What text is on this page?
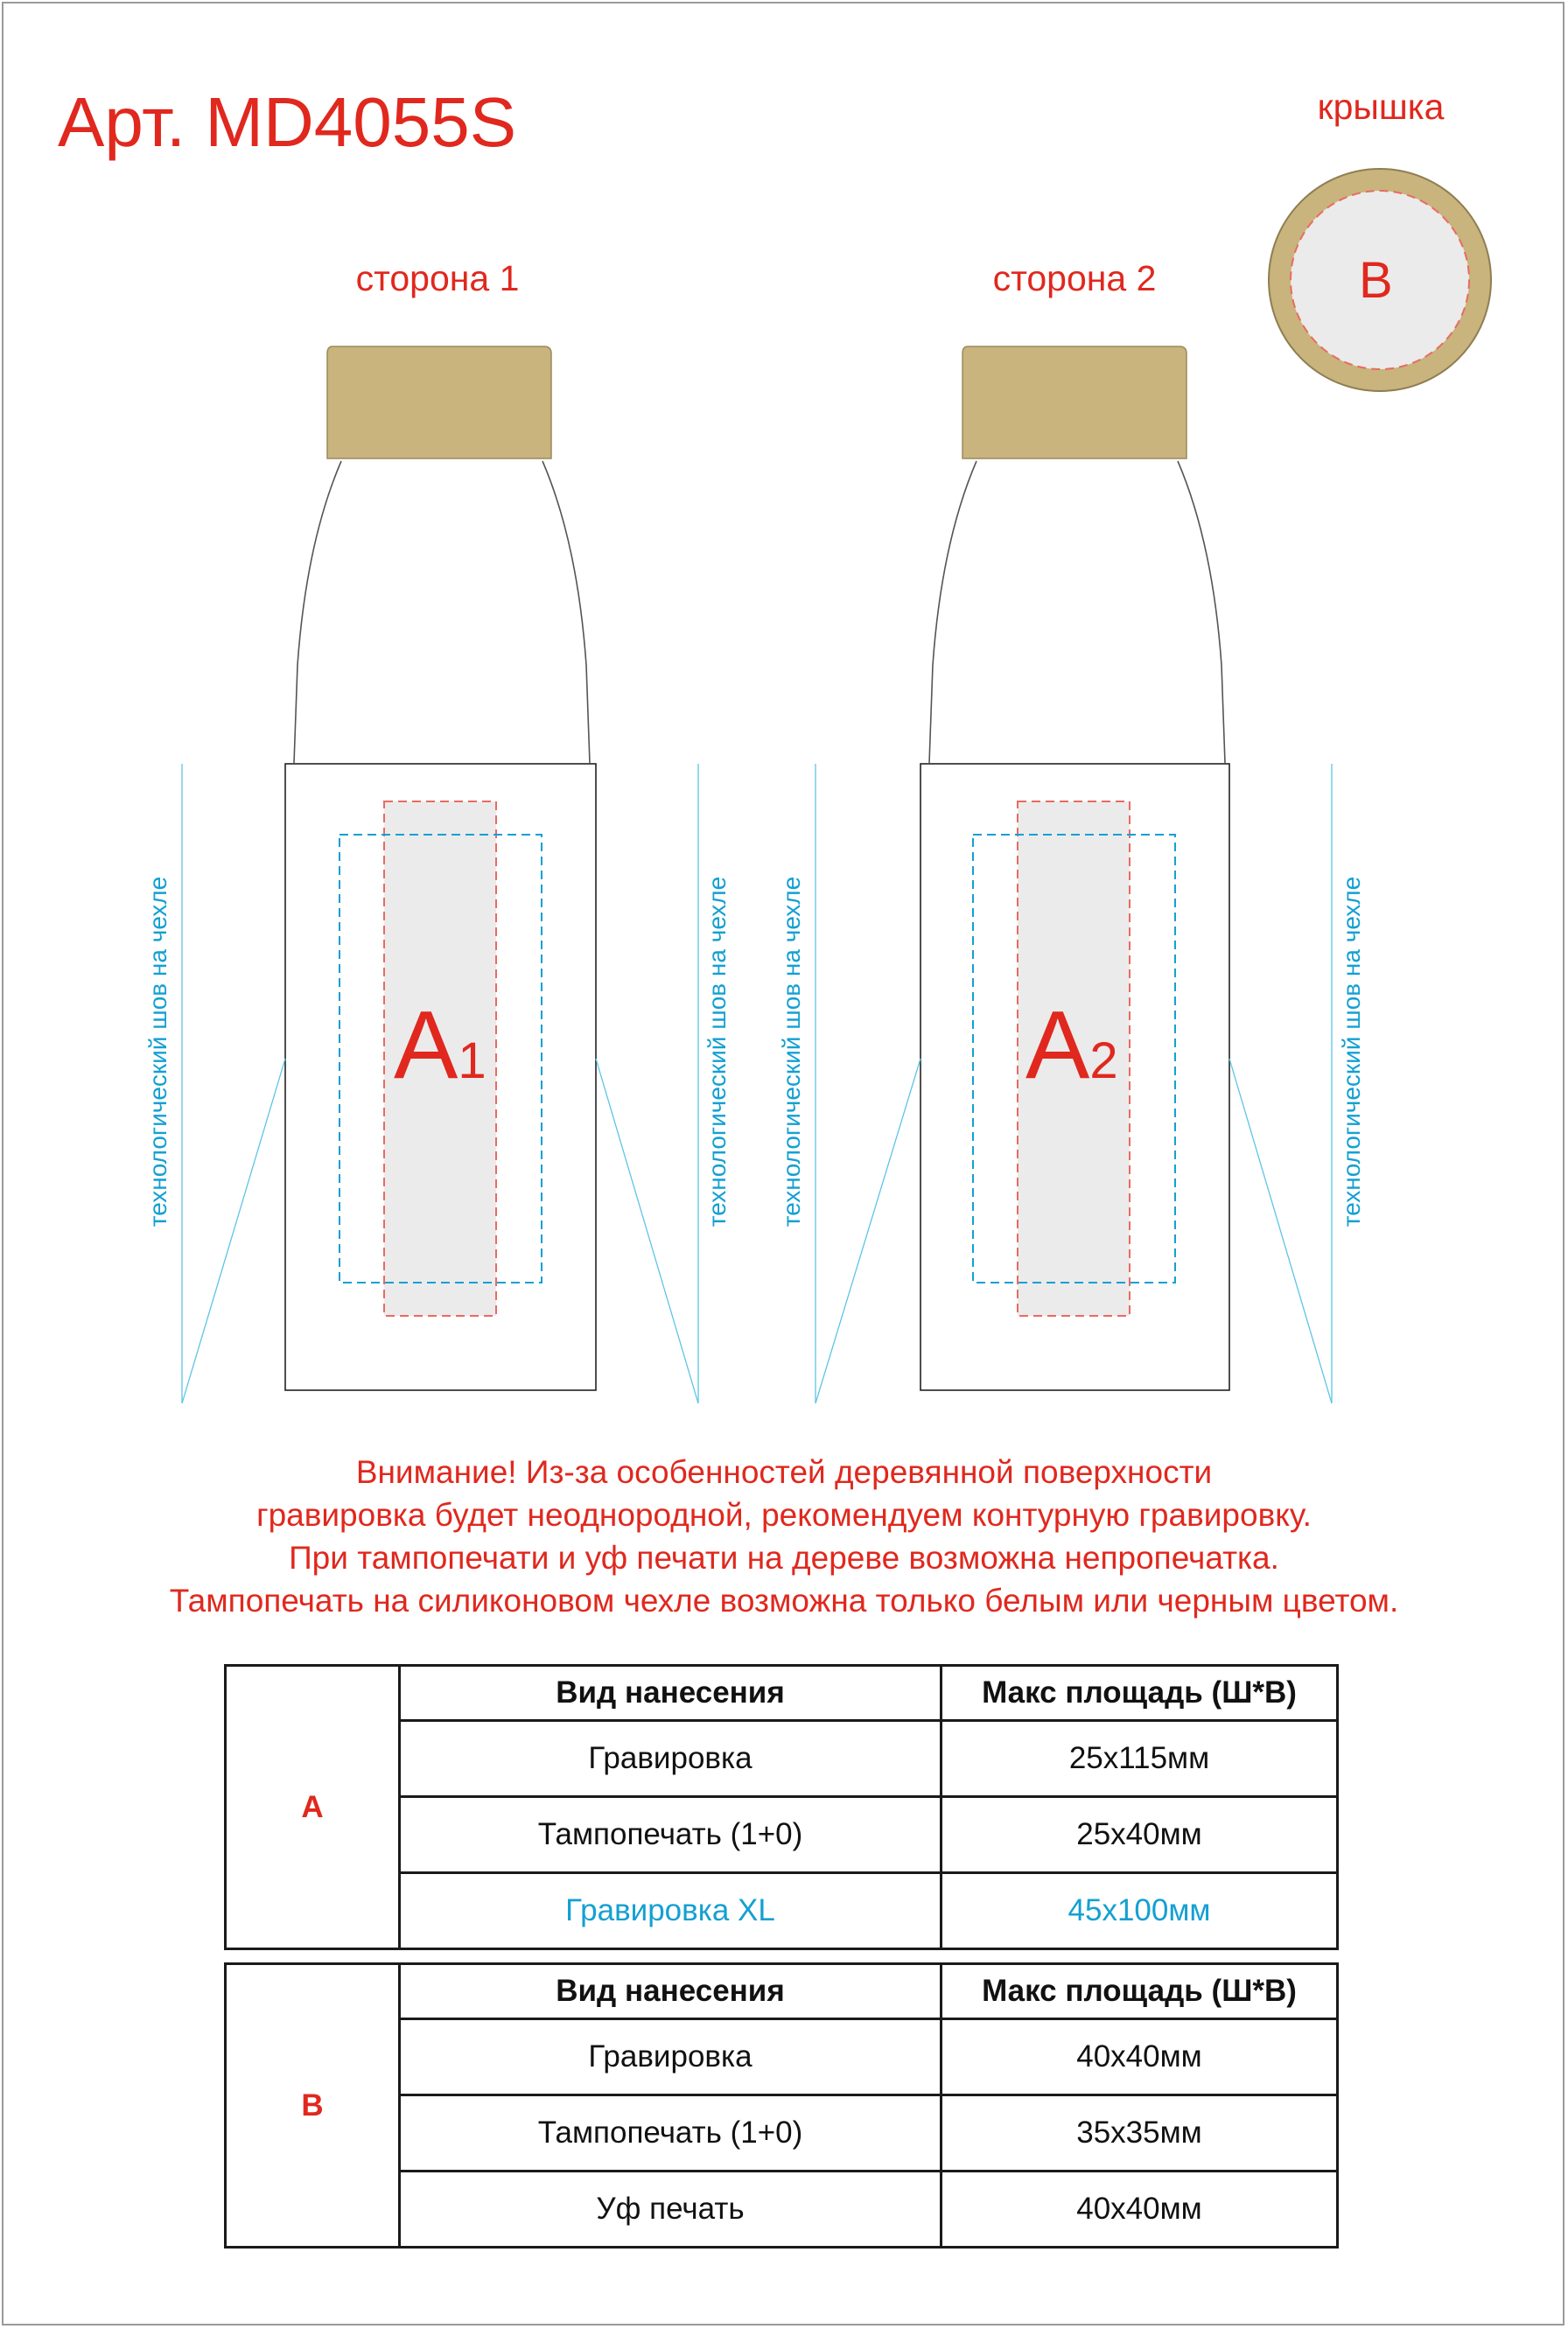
Арт. MD4055S
сторона 1	сторона 2
крышка
A1	A2
B
технологический шов на чехле	технологический шов на чехле технологический шов на чехле	технологический шов на чехле
Внимание! Из-за особенностей деревянной поверхности
гравировка будет неоднородной, рекомендуем контурную гравировку.
При тампопечати и уф печати на дереве возможна непропечатка.
Тампопечать на силиконовом чехле возможна только белым или черным цветом.
A	Вид нанесения	Макс площадь (Ш*В)
	Гравировка	25x115мм
	Тампопечать (1+0)	25x40мм
	Гравировка XL	45x100мм
B	Вид нанесения	Макс площадь (Ш*В)
	Гравировка	40x40мм
	Тампопечать (1+0)	35x35мм
	Уф печать	40x40мм
